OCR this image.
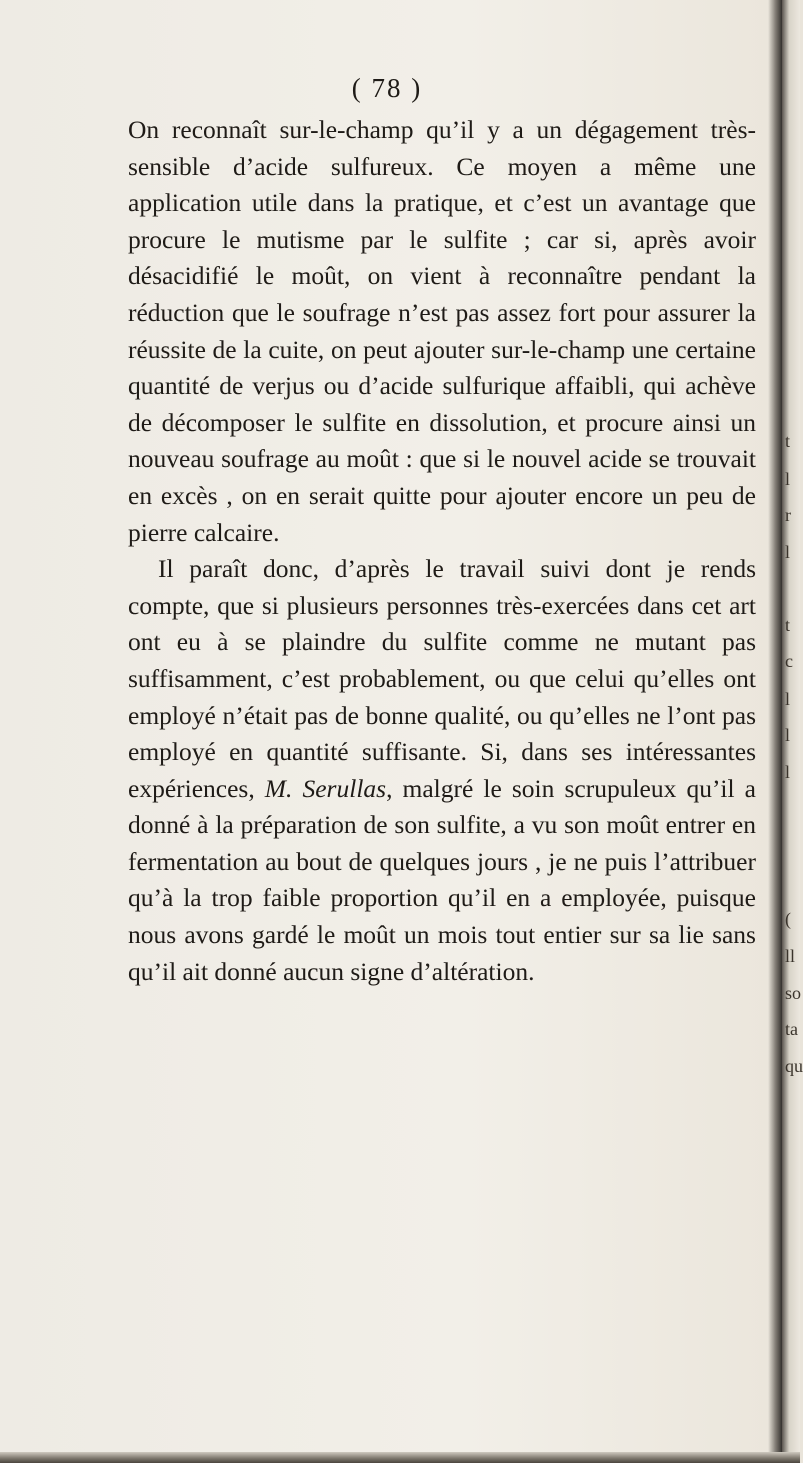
( 78 )

On reconnaît sur-le-champ qu’il y a un dégagement très-sensible d’acide sulfureux. Ce moyen a même une application utile dans la pratique, et c’est un avantage que procure le mutisme par le sulfite ; car si, après avoir désacidifié le moût, on vient à reconnaître pendant la réduction que le soufrage n’est pas assez fort pour assurer la réussite de la cuite, on peut ajouter sur-le-champ une certaine quantité de verjus ou d’acide sulfurique affaibli, qui achève de décomposer le sulfite en dissolution, et procure ainsi un nouveau soufrage au moût : que si le nouvel acide se trouvait en excès , on en serait quitte pour ajouter encore un peu de pierre calcaire.

Il paraît donc, d’après le travail suivi dont je rends compte, que si plusieurs personnes très-exercées dans cet art ont eu à se plaindre du sulfite comme ne mutant pas suffisamment, c’est probablement, ou que celui qu’elles ont employé n’était pas de bonne qualité, ou qu’elles ne l’ont pas employé en quantité suffisante. Si, dans ses intéressantes expériences, M. Serullas, malgré le soin scrupuleux qu’il a donné à la préparation de son sulfite, a vu son moût entrer en fermentation au bout de quelques jours , je ne puis l’attribuer qu’à la trop faible proportion qu’il en a employée, puisque nous avons gardé le moût un mois tout entier sur sa lie sans qu’il ait donné aucun signe d’altération.

t
l
r
l
t
c
l
l
l
(
ll
so
ta
qu
